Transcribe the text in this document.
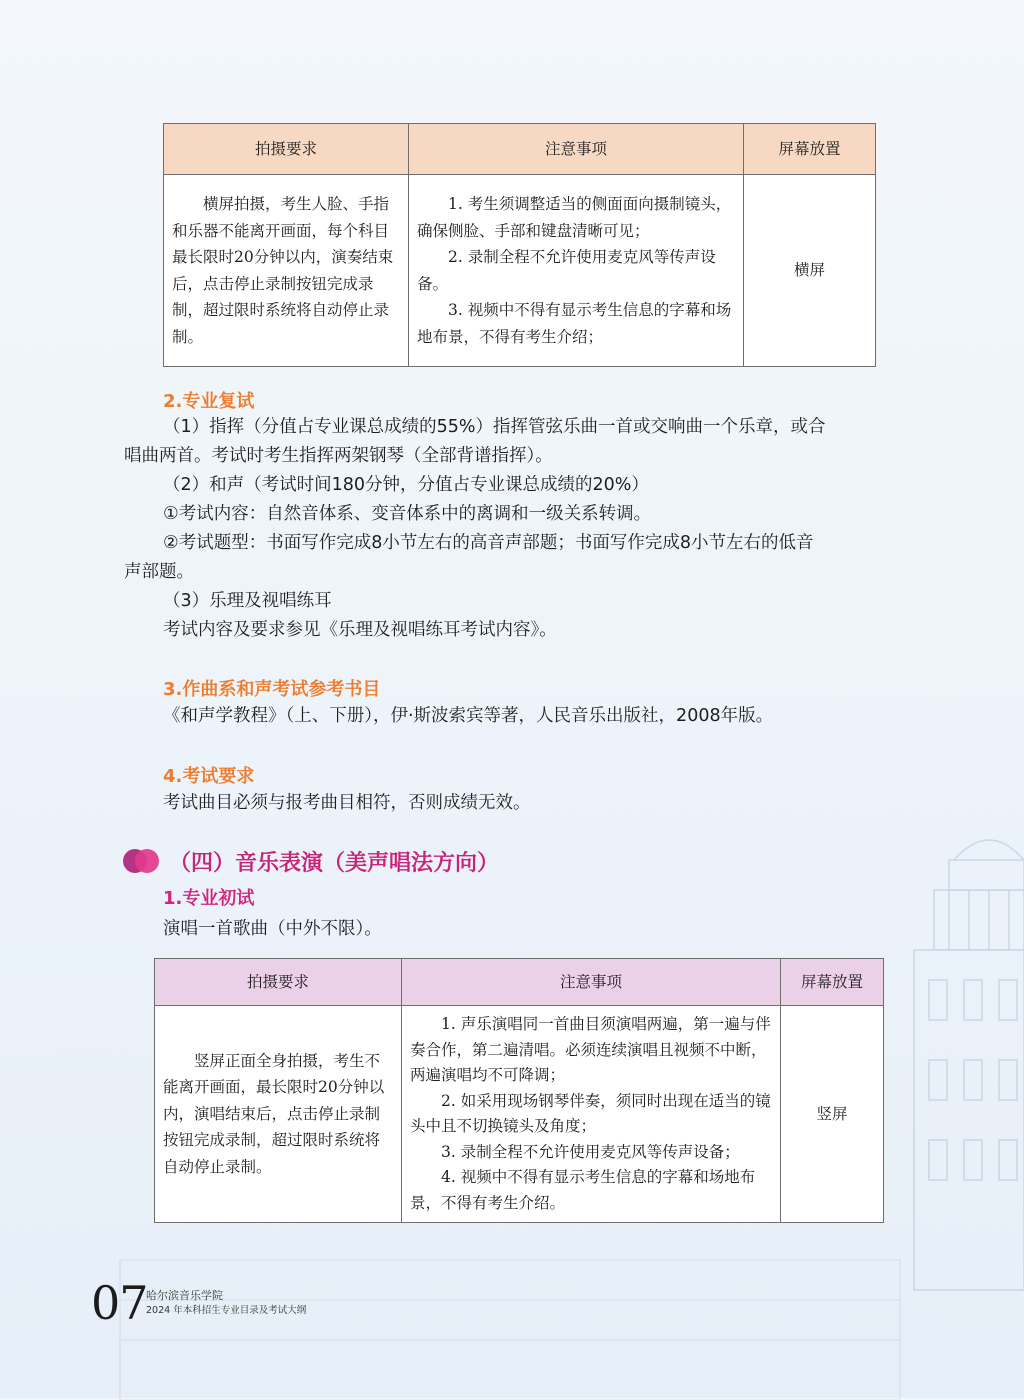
拍摄要求	注意事项	屏幕放置
横屏拍摄，考生人脸、手指和乐器不能离开画面，每个科目最长限时20分钟以内，演奏结束后，点击停止录制按钮完成录制，超过限时系统将自动停止录制。	1. 考生须调整适当的侧面面向摄制镜头，确保侧脸、手部和键盘清晰可见；
2. 录制全程不允许使用麦克风等传声设备。
3. 视频中不得有显示考生信息的字幕和场地布景，不得有考生介绍；	横屏
2.专业复试
（1）指挥（分值占专业课总成绩的55%）指挥管弦乐曲一首或交响曲一个乐章，或合
唱曲两首。考试时考生指挥两架钢琴（全部背谱指挥）。
（2）和声（考试时间180分钟，分值占专业课总成绩的20%）
①考试内容：自然音体系、变音体系中的离调和一级关系转调。
②考试题型：书面写作完成8小节左右的高音声部题；书面写作完成8小节左右的低音
声部题。
（3）乐理及视唱练耳
考试内容及要求参见《乐理及视唱练耳考试内容》。
3.作曲系和声考试参考书目
《和声学教程》（上、下册），伊·斯波索宾等著，人民音乐出版社，2008年版。
4.考试要求
考试曲目必须与报考曲目相符，否则成绩无效。
（四）音乐表演（美声唱法方向）
1.专业初试
演唱一首歌曲（中外不限）。
拍摄要求	注意事项	屏幕放置
竖屏正面全身拍摄，考生不能离开画面，最长限时20分钟以内，演唱结束后，点击停止录制按钮完成录制，超过限时系统将自动停止录制。	1. 声乐演唱同一首曲目须演唱两遍，第一遍与伴奏合作，第二遍清唱。必须连续演唱且视频不中断，两遍演唱均不可降调；
2. 如采用现场钢琴伴奏，须同时出现在适当的镜头中且不切换镜头及角度；
3. 录制全程不允许使用麦克风等传声设备；
4. 视频中不得有显示考生信息的字幕和场地布景，不得有考生介绍。	竖屏
07
哈尔滨音乐学院
2024 年本科招生专业目录及考试大纲
